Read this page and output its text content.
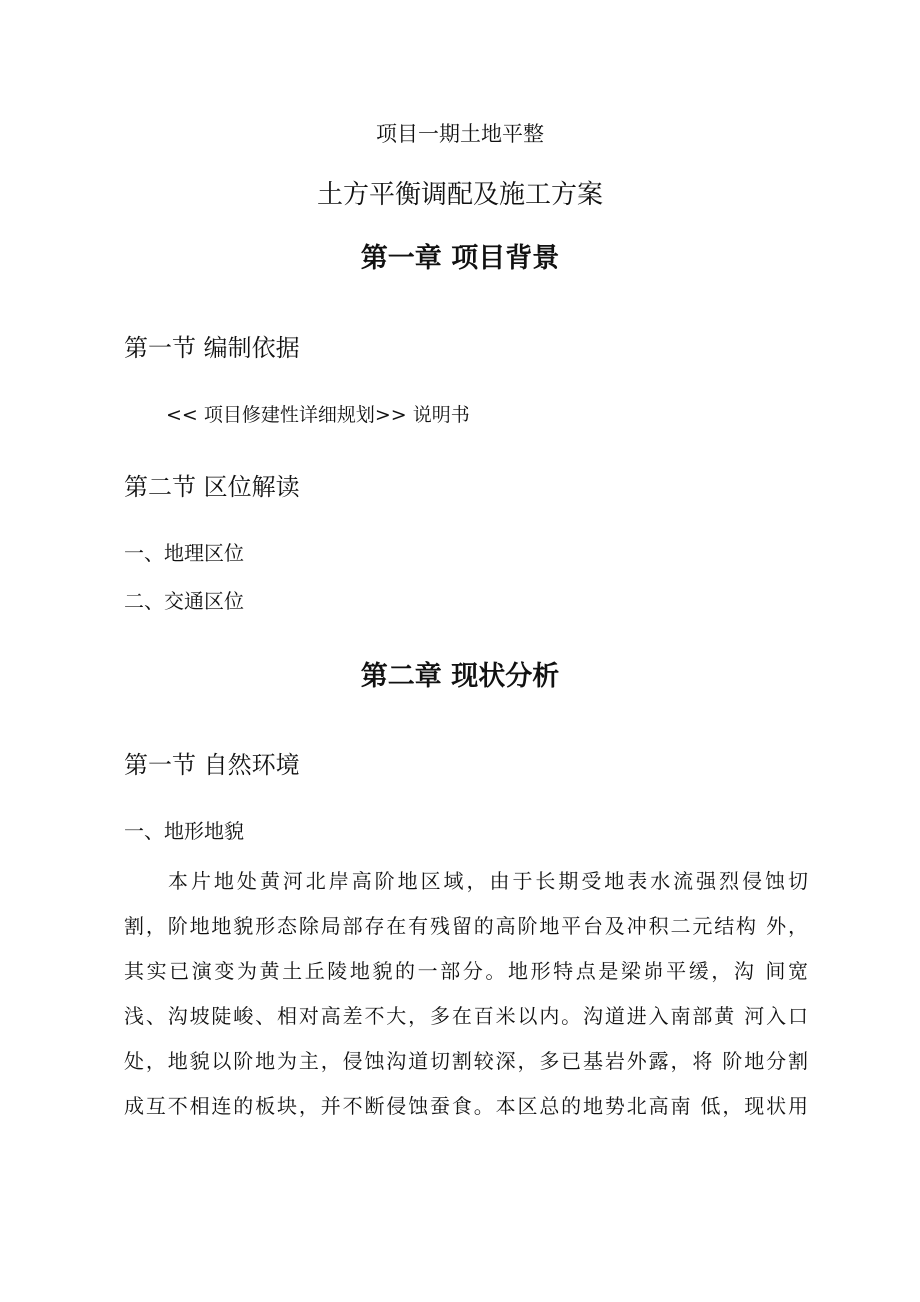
项目一期土地平整
土方平衡调配及施工方案
第一章 项目背景
第一节 编制依据
<< 项目修建性详细规划>> 说明书
第二节 区位解读
一、地理区位
二、交通区位
第二章 现状分析
第一节 自然环境
一、地形地貌
本片地处黄河北岸高阶地区域，由于长期受地表水流强烈侵蚀切
割，阶地地貌形态除局部存在有残留的高阶地平台及冲积二元结构 外，
其实已演变为黄土丘陵地貌的一部分。地形特点是梁峁平缓，沟 间宽
浅、沟坡陡峻、相对高差不大，多在百米以内。沟道进入南部黄 河入口
处，地貌以阶地为主，侵蚀沟道切割较深，多已基岩外露，将 阶地分割
成互不相连的板块，并不断侵蚀蚕食。本区总的地势北高南 低，现状用
